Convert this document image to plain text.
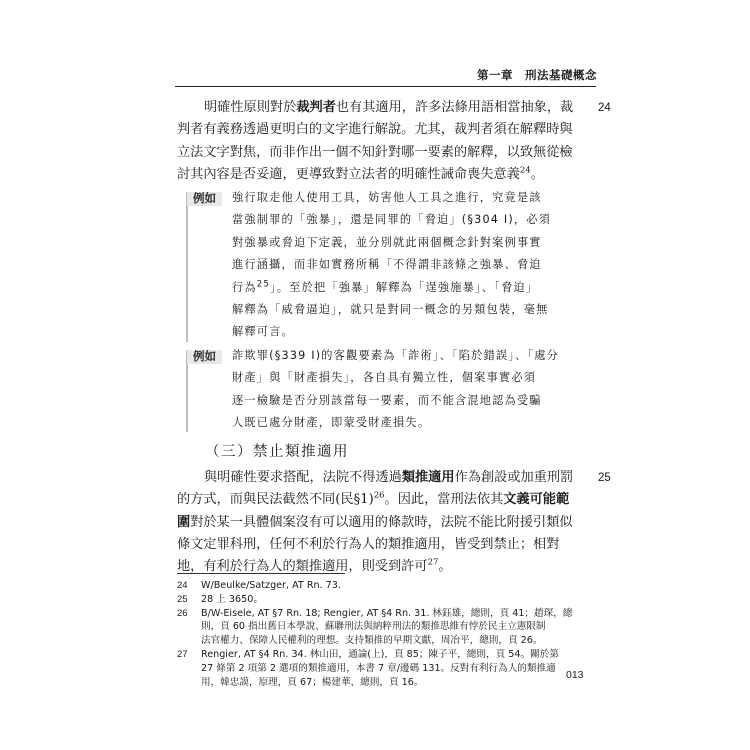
第一章　刑法基礎概念
24
25
明確性原則對於裁判者也有其適用，許多法條用語相當抽象，裁
判者有義務透過更明白的文字進行解說。尤其，裁判者須在解釋時與
立法文字對焦，而非作出一個不知針對哪一要素的解釋，以致無從檢
討其內容是否妥適，更導致對立法者的明確性誡命喪失意義$^{24}$。
例如 強行取走他人使用工具，妨害他人工具之進行，究竟是該
當強制罪的「強暴」，還是同罪的「脅迫」(§304 I)，必須
對強暴或脅迫下定義，並分別就此兩個概念針對案例事實
進行涵攝，而非如實務所稱「不得謂非該條之強暴、脅迫
行為$^{25}$」。至於把「強暴」解釋為「逞強施暴」、「脅迫」
解釋為「威脅逼迫」，就只是對同一概念的另類包裝，毫無
解釋可言。
例如 詐欺罪(§339 I)的客觀要素為「詐術」、「陷於錯誤」、「處分
財產」與「財產損失」，各自具有獨立性，個案事實必須
逐一檢驗是否分別該當每一要素，而不能含混地認為受騙
人既已處分財產，即蒙受財產損失。
（三）禁止類推適用
與明確性要求搭配，法院不得透過類推適用作為創設或加重刑罰
的方式，而與民法截然不同(民§1)$^{26}$。因此，當刑法依其文義可能範
圍對於某一具體個案沒有可以適用的條款時，法院不能比附援引類似
條文定罪科刑，任何不利於行為人的類推適用，皆受到禁止；相對
地，有利於行為人的類推適用，則受到許可$^{27}$。
24	W/Beulke/Satzger, AT Rn. 73.
25	28 上 3650。
26	B/W-Eisele, AT §7 Rn. 18; Rengier, AT §4 Rn. 31. 林鈺雄，總則，頁 41；趙琛，總
則，頁 60 指出舊日本學說、蘇聯刑法與納粹刑法的類推思維有悖於民主立憲限制
法官權力、保障人民權利的理想。支持類推的早期文獻，周冶平，總則，頁 26。
27	Rengier, AT §4 Rn. 34. 林山田，通論(上)，頁 85；陳子平，總則，頁 54。關於第
27 條第 2 項第 2 選項的類推適用，本書 7 章/邊碼 131。反對有利行為人的類推適
用，韓忠謨，原理，頁 67；楊建華，總則，頁 16。
013
